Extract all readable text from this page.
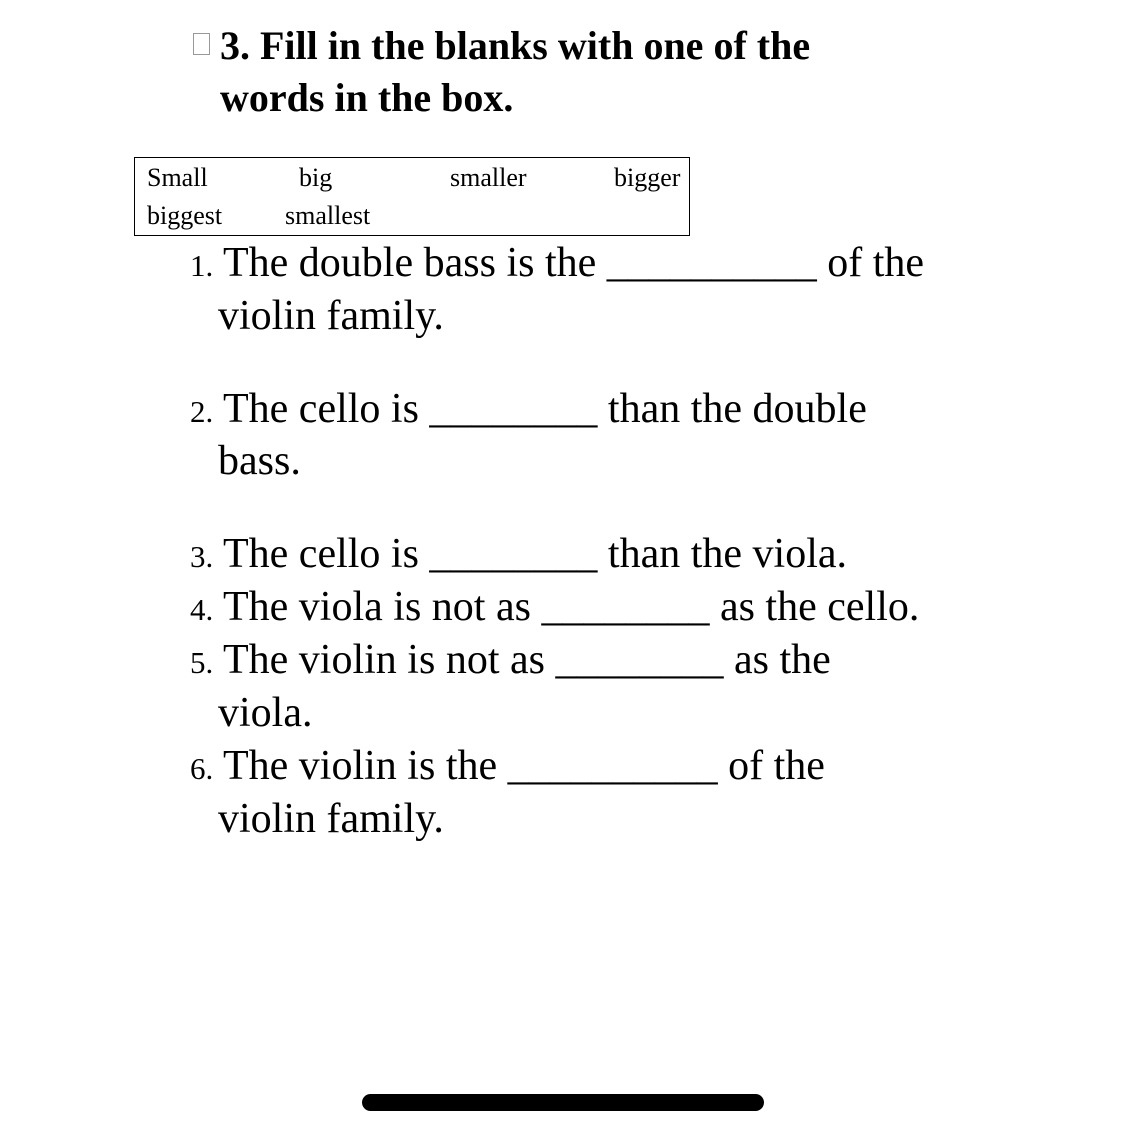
3. Fill in the blanks with one of the words in the box.
Small	big	smaller	bigger
biggest smallest
1. The double bass is the __________ of the
violin family.
2. The cello is ________ than the double
bass.
3. The cello is ________ than the viola.
4. The viola is not as ________ as the cello.
5. The violin is not as ________ as the
viola.
6. The violin is the __________ of the
violin family.
